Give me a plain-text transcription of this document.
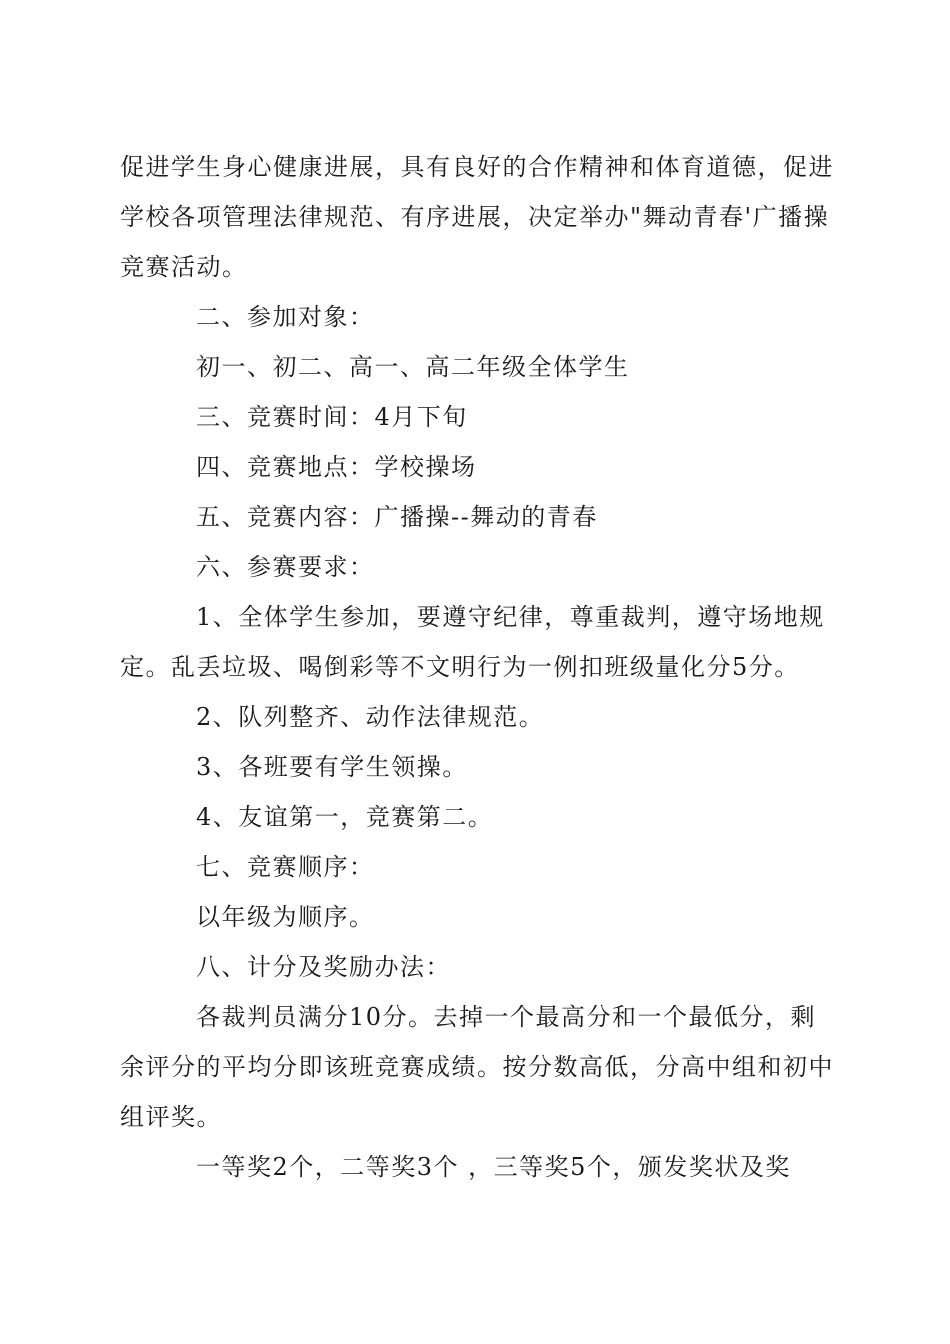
促进学生身心健康进展，具有良好的合作精神和体育道德，促进
学校各项管理法律规范、有序进展，决定举办"舞动青春'广播操
竞赛活动。
二、参加对象：
初一、初二、高一、高二年级全体学生
三、竞赛时间：4月下旬
四、竞赛地点：学校操场
五、竞赛内容：广播操--舞动的青春
六、参赛要求：
1、全体学生参加，要遵守纪律，尊重裁判，遵守场地规
定。乱丢垃圾、喝倒彩等不文明行为一例扣班级量化分5分。
2、队列整齐、动作法律规范。
3、各班要有学生领操。
4、友谊第一，竞赛第二。
七、竞赛顺序：
以年级为顺序。
八、计分及奖励办法：
各裁判员满分10分。去掉一个最高分和一个最低分，剩
余评分的平均分即该班竞赛成绩。按分数高低，分高中组和初中
组评奖。
一等奖2个，二等奖3个 ，三等奖5个，颁发奖状及奖
